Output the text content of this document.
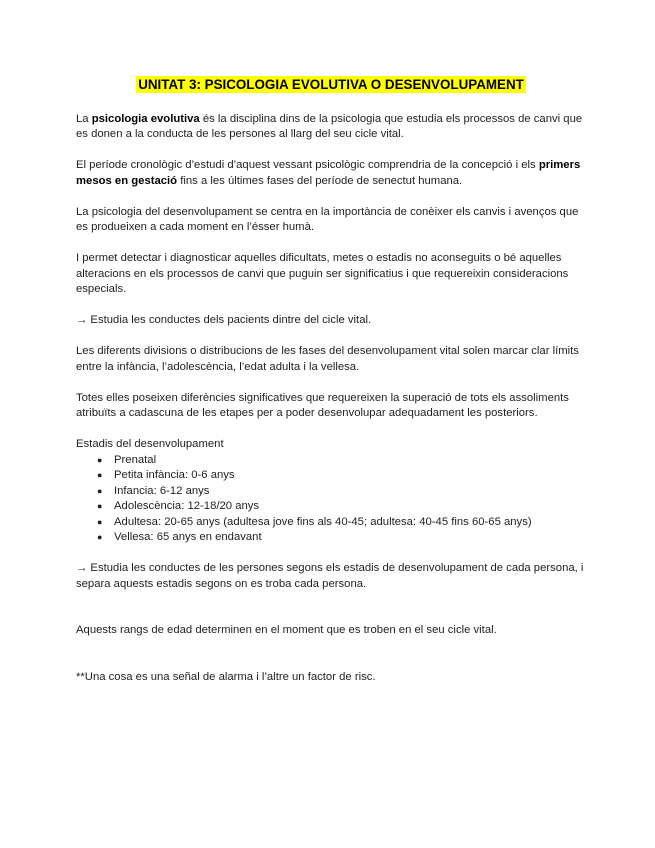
UNITAT 3: PSICOLOGIA EVOLUTIVA O DESENVOLUPAMENT

La psicologia evolutiva és la disciplina dins de la psicologia que estudia els processos de canvi que es donen a la conducta de les persones al llarg del seu cicle vital.

El període cronològic d’estudi d’aquest vessant psicològic comprendria de la concepció i els primers mesos en gestació fins a les últimes fases del període de senectut humana.

La psicologia del desenvolupament se centra en la importància de conèixer els canvis i avenços que es produeixen a cada moment en l’ésser humà.

I permet detectar i diagnosticar aquelles dificultats, metes o estadis no aconseguits o bé aquelles alteracions en els processos de canvi que puguin ser significatius i que requereixin consideracions especials.

→ Estudia les conductes dels pacients dintre del cicle vital.

Les diferents divisions o distribucions de les fases del desenvolupament vital solen marcar clar límits entre la infància, l’adolescència, l’edat adulta i la vellesa.

Totes elles poseixen diferències significatives que requereixen la superació de tots els assoliments atribuïts a cadascuna de les etapes per a poder desenvolupar adequadament les posteriors.

Estadis del desenvolupament

● Prenatal
● Petita infància: 0-6 anys
● Infancia: 6-12 anys
● Adolescència: 12-18/20 anys
● Adultesa: 20-65 anys (adultesa jove fins als 40-45; adultesa: 40-45 fins 60-65 anys)
● Vellesa: 65 anys en endavant

→ Estudia les conductes de les persones segons els estadis de desenvolupament de cada persona, i separa aquests estadis segons on es troba cada persona.

Aquests rangs de edad determinen en el moment que es troben en el seu cicle vital.

**Una cosa es una señal de alarma i l’altre un factor de risc.
